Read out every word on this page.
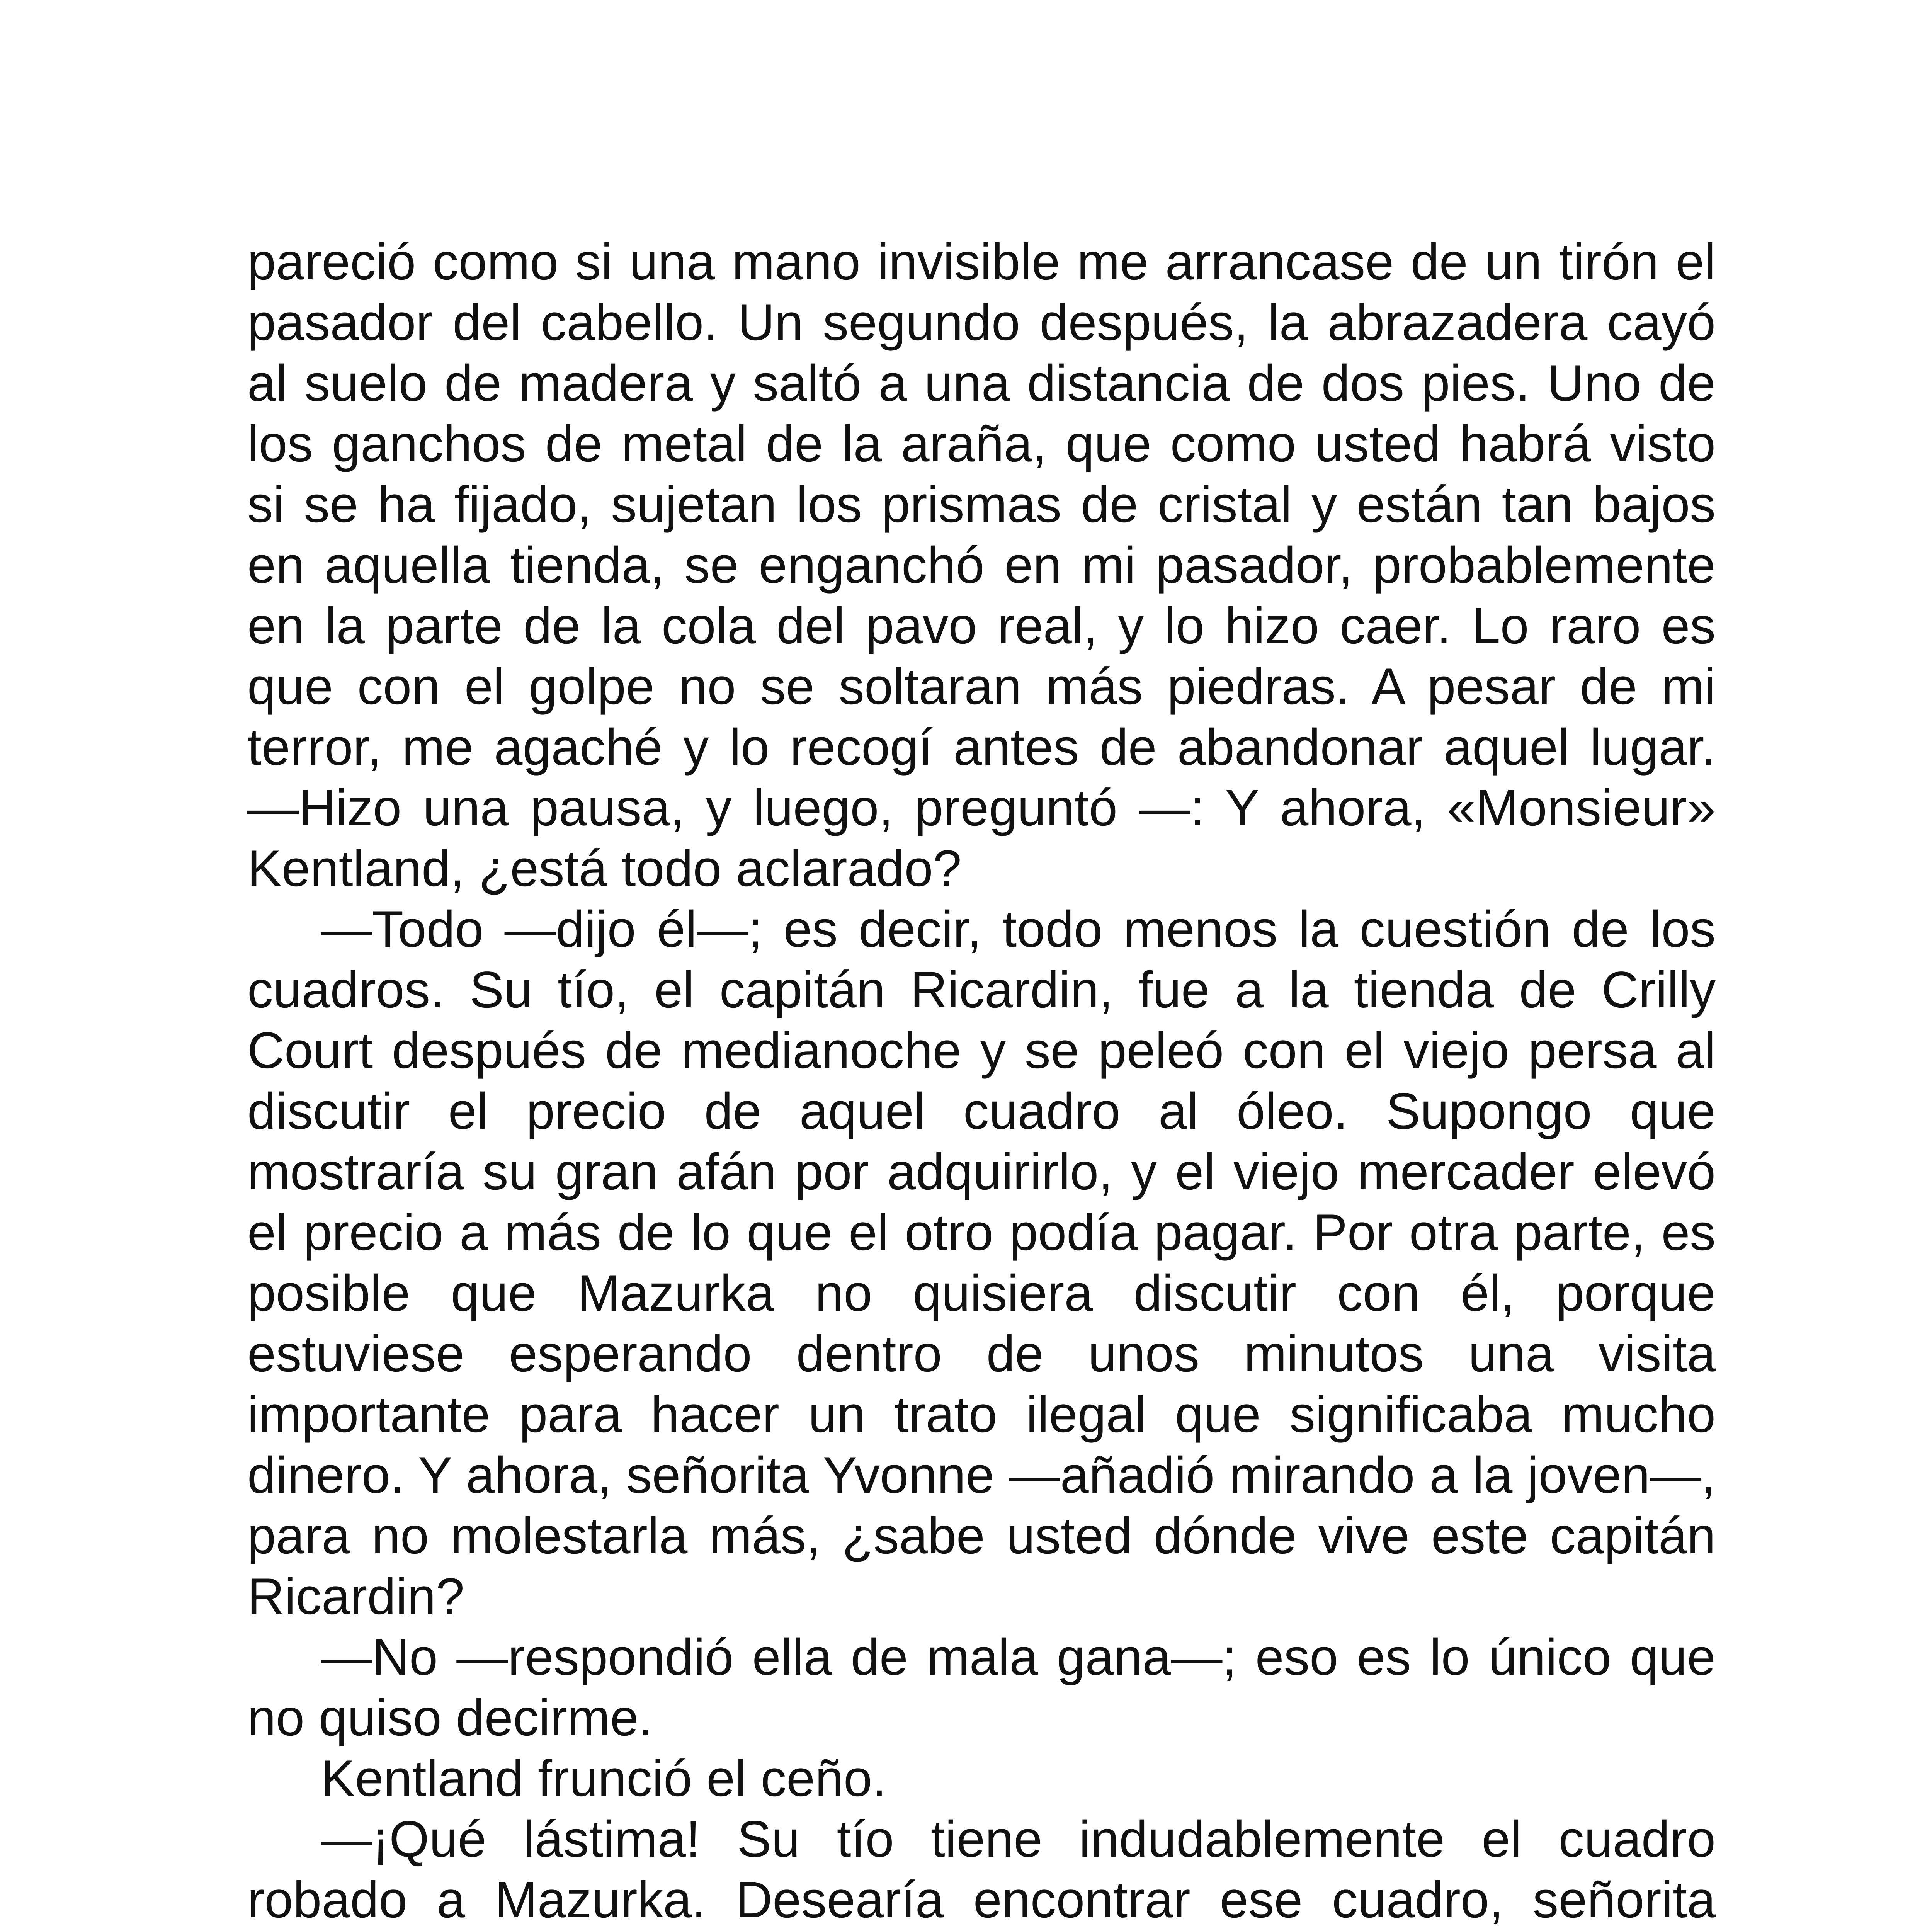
pareció como si una mano invisible me arrancase de un tirón el pasador del cabello. Un segundo después, la abrazadera cayó al suelo de madera y saltó a una distancia de dos pies. Uno de los ganchos de metal de la araña, que como usted habrá visto si se ha fijado, sujetan los prismas de cristal y están tan bajos en aquella tienda, se enganchó en mi pasador, probablemente en la parte de la cola del pavo real, y lo hizo caer. Lo raro es que con el golpe no se soltaran más piedras. A pesar de mi terror, me agaché y lo recogí antes de abandonar aquel lugar. —Hizo una pausa, y luego, preguntó —: Y ahora, «Monsieur» Kentland, ¿está todo aclarado?

—Todo —dijo él—; es decir, todo menos la cuestión de los cuadros. Su tío, el capitán Ricardin, fue a la tienda de Crilly Court después de medianoche y se peleó con el viejo persa al discutir el precio de aquel cuadro al óleo. Supongo que mostraría su gran afán por adquirirlo, y el viejo mercader elevó el precio a más de lo que el otro podía pagar. Por otra parte, es posible que Mazurka no quisiera discutir con él, porque estuviese esperando dentro de unos minutos una visita importante para hacer un trato ilegal que significaba mucho dinero. Y ahora, señorita Yvonne —añadió mirando a la joven—, para no molestarla más, ¿sabe usted dónde vive este capitán Ricardin?

—No —respondió ella de mala gana—; eso es lo único que no quiso decirme.

Kentland frunció el ceño.

—¡Qué lástima! Su tío tiene indudablemente el cuadro robado a Mazurka. Desearía encontrar ese cuadro, señorita
